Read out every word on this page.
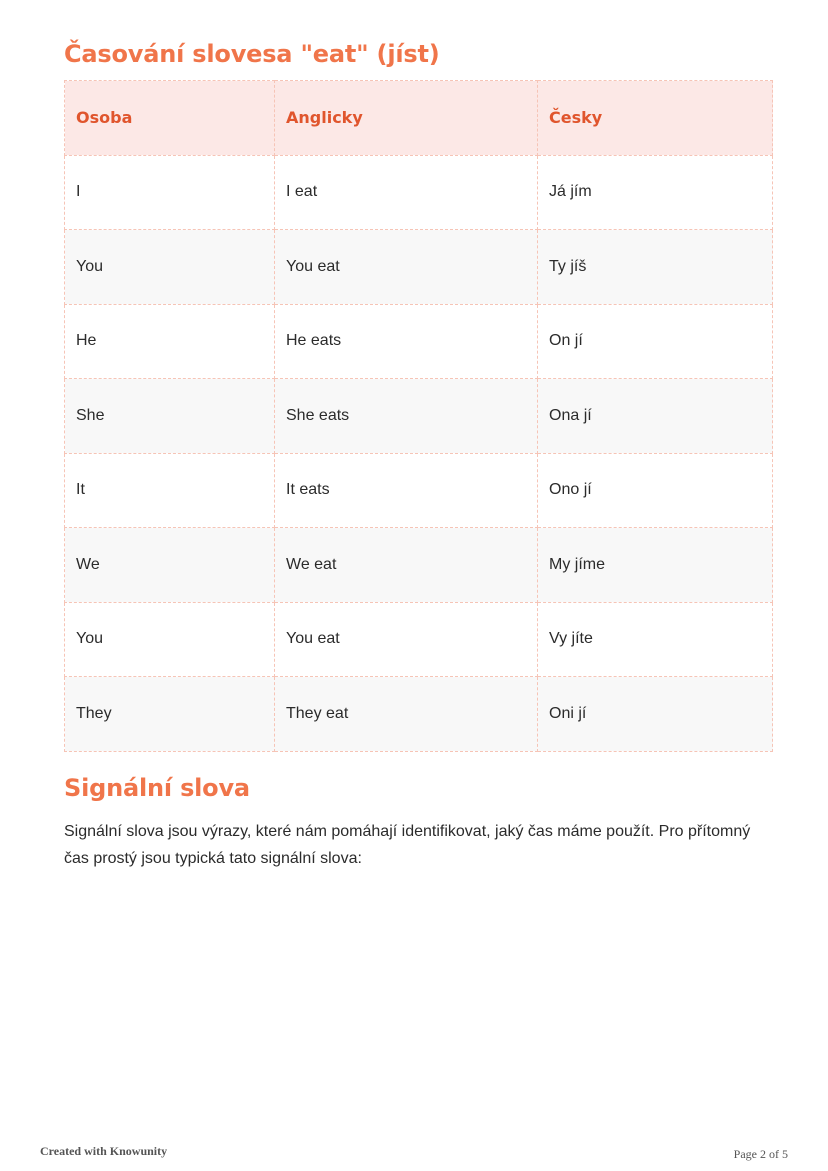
Časování slovesa "eat" (jíst)
Osoba	Anglicky	Česky
I	I eat	Já jím
You	You eat	Ty jíš
He	He eats	On jí
She	She eats	Ona jí
It	It eats	Ono jí
We	We eat	My jíme
You	You eat	Vy jíte
They	They eat	Oni jí
Signální slova

Signální slova jsou výrazy, které nám pomáhají identifikovat, jaký čas máme použít. Pro přítomný čas prostý jsou typická tato signální slova:

Created with Knowunity	Page 2 of 5
